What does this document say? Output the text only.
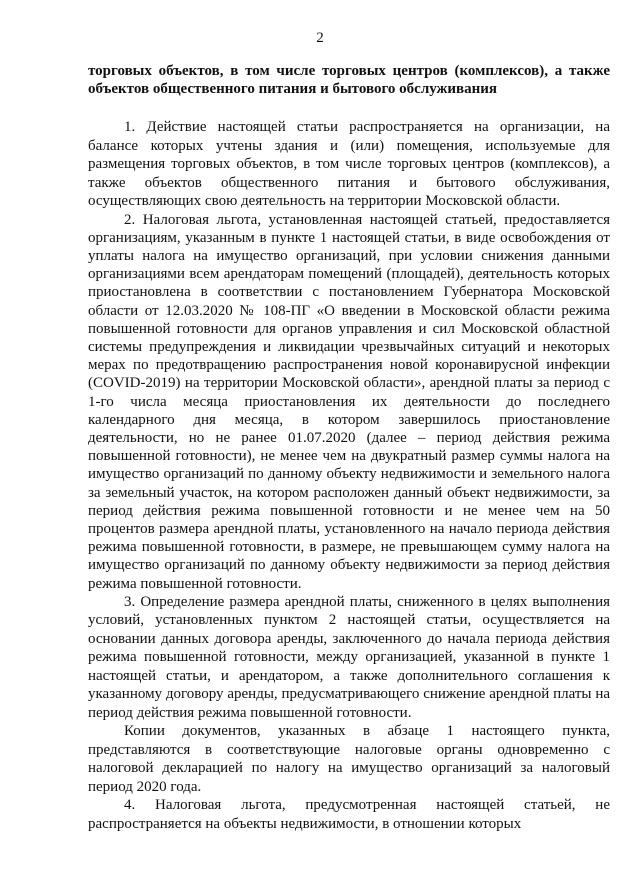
2

торговых объектов, в том числе торговых центров (комплексов), а также объектов общественного питания и бытового обслуживания

1. Действие настоящей статьи распространяется на организации, на балансе которых учтены здания и (или) помещения, используемые для размещения торговых объектов, в том числе торговых центров (комплексов), а также объектов общественного питания и бытового обслуживания, осуществляющих свою деятельность на территории Московской области.

2. Налоговая льгота, установленная настоящей статьей, предоставляется организациям, указанным в пункте 1 настоящей статьи, в виде освобождения от уплаты налога на имущество организаций, при условии снижения данными организациями всем арендаторам помещений (площадей), деятельность которых приостановлена в соответствии с постановлением Губернатора Московской области от 12.03.2020 № 108-ПГ «О введении в Московской области режима повышенной готовности для органов управления и сил Московской областной системы предупреждения и ликвидации чрезвычайных ситуаций и некоторых мерах по предотвращению распространения новой коронавирусной инфекции (COVID-2019) на территории Московской области», арендной платы за период с 1-го числа месяца приостановления их деятельности до последнего календарного дня месяца, в котором завершилось приостановление деятельности, но не ранее 01.07.2020 (далее – период действия режима повышенной готовности), не менее чем на двукратный размер суммы налога на имущество организаций по данному объекту недвижимости и земельного налога за земельный участок, на котором расположен данный объект недвижимости, за период действия режима повышенной готовности и не менее чем на 50 процентов размера арендной платы, установленного на начало периода действия режима повышенной готовности, в размере, не превышающем сумму налога на имущество организаций по данному объекту недвижимости за период действия режима повышенной готовности.

3. Определение размера арендной платы, сниженного в целях выполнения условий, установленных пунктом 2 настоящей статьи, осуществляется на основании данных договора аренды, заключенного до начала периода действия режима повышенной готовности, между организацией, указанной в пункте 1 настоящей статьи, и арендатором, а также дополнительного соглашения к указанному договору аренды, предусматривающего снижение арендной платы на период действия режима повышенной готовности.

Копии документов, указанных в абзаце 1 настоящего пункта, представляются в соответствующие налоговые органы одновременно с налоговой декларацией по налогу на имущество организаций за налоговый период 2020 года.

4. Налоговая льгота, предусмотренная настоящей статьей, не распространяется на объекты недвижимости, в отношении которых
